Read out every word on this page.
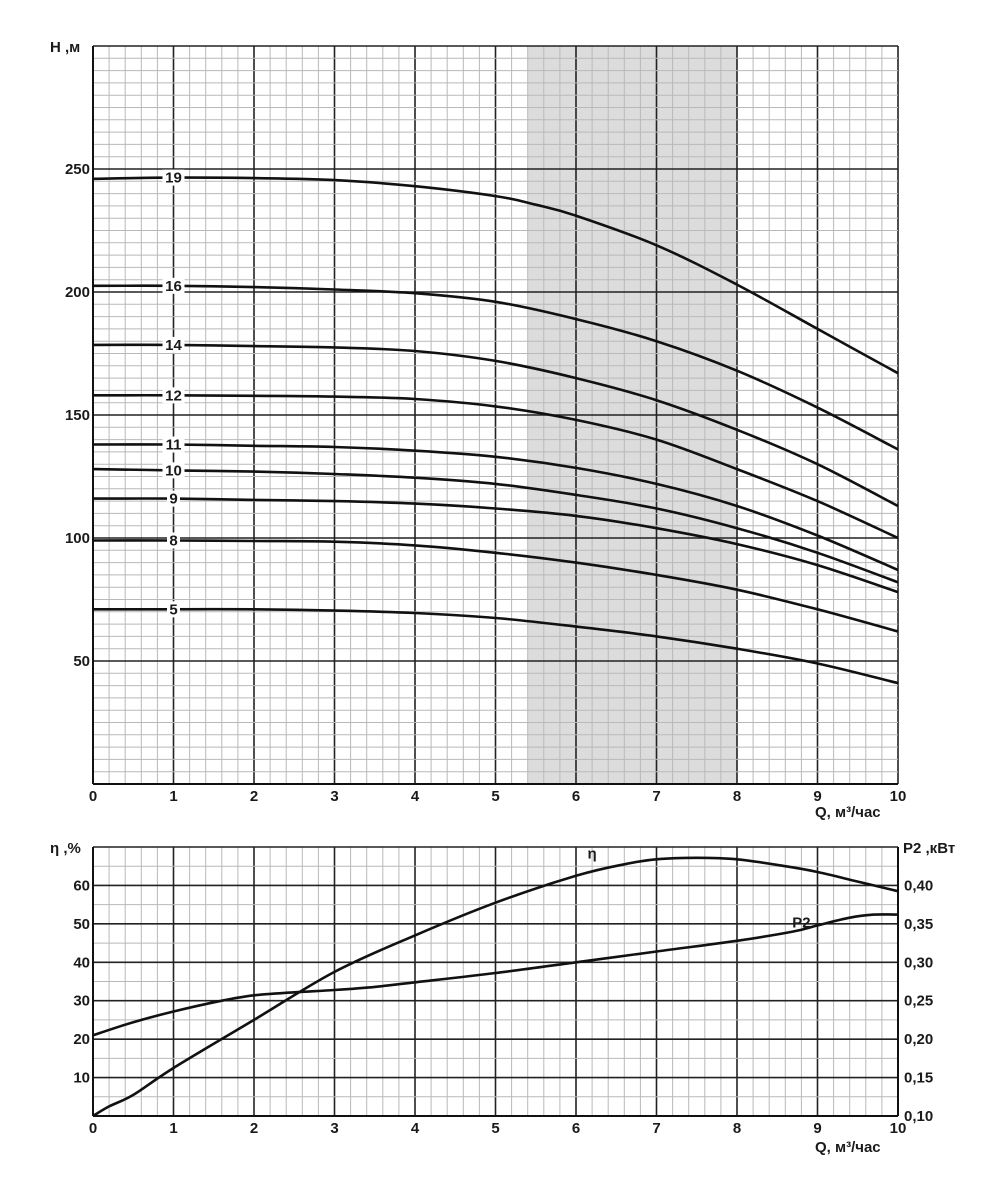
19
16
14
12
11
10
9
8
5
0	1	2	3	4	5	6	7	8	9	10
50
100
150
200
250
H ,м
Q, м³/час
η
P2
0	1	2	3	4	5	6	7	8	9	10
10
20
30
40
50
60
0,10
0,15
0,20
0,25
0,30
0,35
0,40
η ,%	P2 ,кВт
Q, м³/час
